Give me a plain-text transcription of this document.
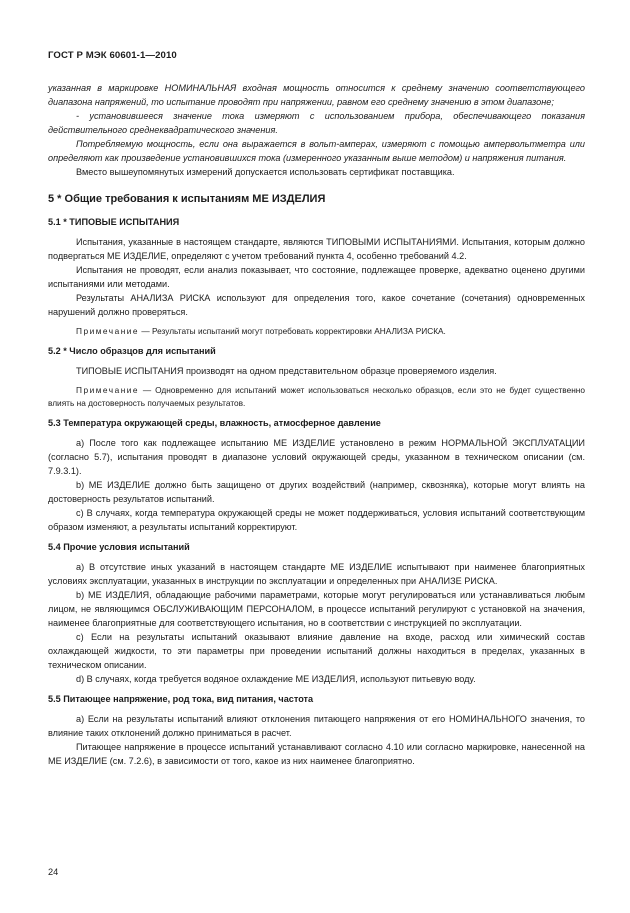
ГОСТ Р МЭК 60601-1—2010

указанная в маркировке НОМИНАЛЬНАЯ входная мощность относится к среднему значению соответствующего диапазона напряжений, то испытание проводят при напряжении, равном его среднему значению в этом диапазоне;

- установившееся значение тока измеряют с использованием прибора, обеспечивающего показания действительного среднеквадратического значения.

Потребляемую мощность, если она выражается в вольт-амперах, измеряют с помощью ампервольтметра или определяют как произведение установившихся тока (измеренного указанным выше методом) и напряжения питания.

Вместо вышеупомянутых измерений допускается использовать сертификат поставщика.

5 * Общие требования к испытаниям МЕ ИЗДЕЛИЯ

5.1 * ТИПОВЫЕ ИСПЫТАНИЯ

Испытания, указанные в настоящем стандарте, являются ТИПОВЫМИ ИСПЫТАНИЯМИ. Испытания, которым должно подвергаться МЕ ИЗДЕЛИЕ, определяют с учетом требований пункта 4, особенно требований 4.2.

Испытания не проводят, если анализ показывает, что состояние, подлежащее проверке, адекватно оценено другими испытаниями или методами.

Результаты АНАЛИЗА РИСКА используют для определения того, какое сочетание (сочетания) одновременных нарушений должно проверяться.

Примечание — Результаты испытаний могут потребовать корректировки АНАЛИЗА РИСКА.

5.2 * Число образцов для испытаний

ТИПОВЫЕ ИСПЫТАНИЯ производят на одном представительном образце проверяемого изделия.

Примечание — Одновременно для испытаний может использоваться несколько образцов, если это не будет существенно влиять на достоверность получаемых результатов.

5.3 Температура окружающей среды, влажность, атмосферное давление

а) После того как подлежащее испытанию МЕ ИЗДЕЛИЕ установлено в режим НОРМАЛЬНОЙ ЭКСПЛУАТАЦИИ (согласно 5.7), испытания проводят в диапазоне условий окружающей среды, указанном в техническом описании (см. 7.9.3.1).

b) МЕ ИЗДЕЛИЕ должно быть защищено от других воздействий (например, сквозняка), которые могут влиять на достоверность результатов испытаний.

с) В случаях, когда температура окружающей среды не может поддерживаться, условия испытаний соответствующим образом изменяют, а результаты испытаний корректируют.

5.4 Прочие условия испытаний

а) В отсутствие иных указаний в настоящем стандарте МЕ ИЗДЕЛИЕ испытывают при наименее благоприятных условиях эксплуатации, указанных в инструкции по эксплуатации и определенных при АНАЛИЗЕ РИСКА.

b) МЕ ИЗДЕЛИЯ, обладающие рабочими параметрами, которые могут регулироваться или устанавливаться любым лицом, не являющимся ОБСЛУЖИВАЮЩИМ ПЕРСОНАЛОМ, в процессе испытаний регулируют с установкой на значения, наименее благоприятные для соответствующего испытания, но в соответствии с инструкцией по эксплуатации.

с) Если на результаты испытаний оказывают влияние давление на входе, расход или химический состав охлаждающей жидкости, то эти параметры при проведении испытаний должны находиться в пределах, указанных в техническом описании.

d) В случаях, когда требуется водяное охлаждение МЕ ИЗДЕЛИЯ, используют питьевую воду.

5.5 Питающее напряжение, род тока, вид питания, частота

а) Если на результаты испытаний влияют отклонения питающего напряжения от его НОМИНАЛЬНОГО значения, то влияние таких отклонений должно приниматься в расчет.

Питающее напряжение в процессе испытаний устанавливают согласно 4.10 или согласно маркировке, нанесенной на МЕ ИЗДЕЛИЕ (см. 7.2.6), в зависимости от того, какое из них наименее благоприятно.

24
